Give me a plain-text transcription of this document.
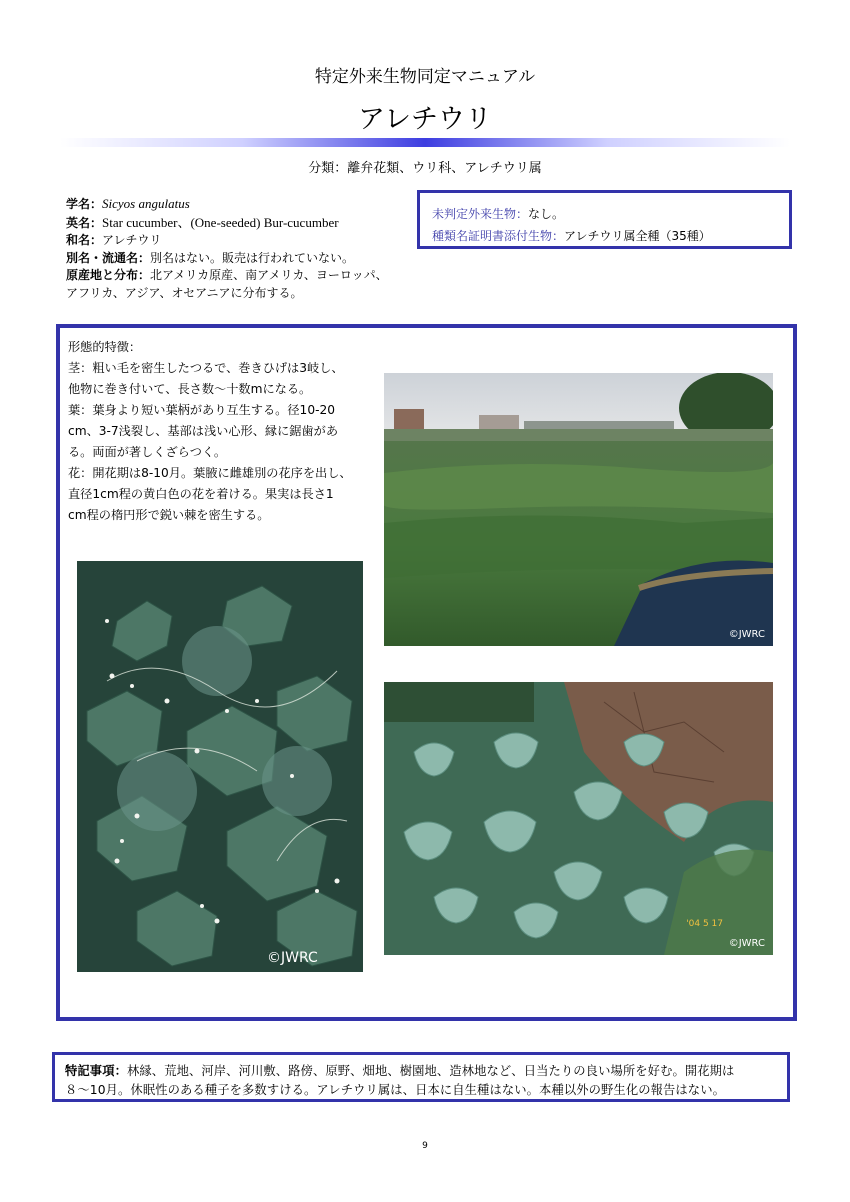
特定外来生物同定マニュアル
アレチウリ
分類：離弁花類、ウリ科、アレチウリ属
学名：Sicyos angulatus
英名：Star cucumber、(One-seeded) Bur-cucumber
和名：アレチウリ
別名・流通名：別名はない。販売は行われていない。
原産地と分布：北アメリカ原産、南アメリカ、ヨーロッパ、
アフリカ、アジア、オセアニアに分布する。
未判定外来生物：なし。
種類名証明書添付生物：アレチウリ属全種（35種）
形態的特徴：
茎：粗い毛を密生したつるで、巻きひげは3岐し、
他物に巻き付いて、長さ数～十数mになる。
葉：葉身より短い葉柄があり互生する。径10-20
cm、3-7浅裂し、基部は浅い心形、縁に鋸歯があ
る。両面が著しくざらつく。
花：開花期は8-10月。葉腋に雌雄別の花序を出し、
直径1cm程の黄白色の花を着ける。果実は長さ1
cm程の楕円形で鋭い棘を密生する。
©JWRC
©JWRC
'04 5 17
©JWRC
特記事項：林縁、荒地、河岸、河川敷、路傍、原野、畑地、樹園地、造林地など、日当たりの良い場所を好む。開花期は
８～10月。休眠性のある種子を多数すける。アレチウリ属は、日本に自生種はない。本種以外の野生化の報告はない。
9
